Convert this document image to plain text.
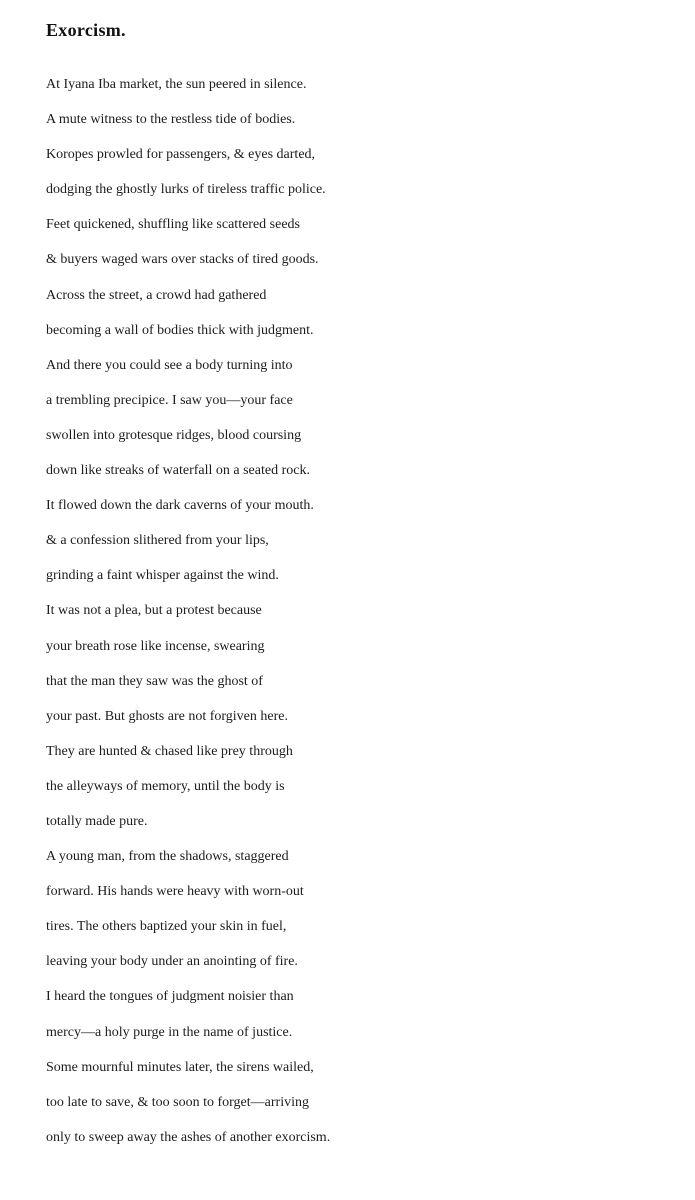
Exorcism.
At Iyana Iba market, the sun peered in silence.
A mute witness to the restless tide of bodies.
Koropes prowled for passengers, & eyes darted,
dodging the ghostly lurks of tireless traffic police.
Feet quickened, shuffling like scattered seeds
& buyers waged wars over stacks of tired goods.
Across the street, a crowd had gathered
becoming a wall of bodies thick with judgment.
And there you could see a body turning into
a trembling precipice. I saw you—your face
swollen into grotesque ridges, blood coursing
down like streaks of waterfall on a seated rock.
It flowed down the dark caverns of your mouth.
& a confession slithered from your lips,
grinding a faint whisper against the wind.
It was not a plea, but a protest because
your breath rose like incense, swearing
that the man they saw was the ghost of
your past. But ghosts are not forgiven here.
They are hunted & chased like prey through
the alleyways of memory, until the body is
totally made pure.
A young man, from the shadows, staggered
forward. His hands were heavy with worn-out
tires. The others baptized your skin in fuel,
leaving your body under an anointing of fire.
I heard the tongues of judgment noisier than
mercy—a holy purge in the name of justice.
Some mournful minutes later, the sirens wailed,
too late to save, & too soon to forget—arriving
only to sweep away the ashes of another exorcism.
